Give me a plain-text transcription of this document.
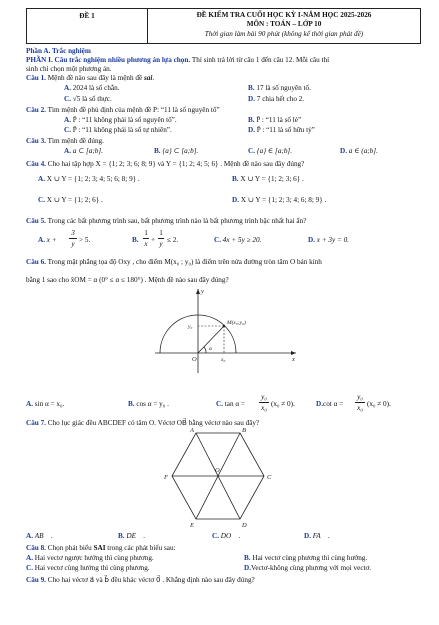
ĐỀ 1	ĐỀ KIỂM TRA CUỐI HỌC KỲ I-NĂM HỌC 2025-2026
MÔN : TOÁN – LỚP 10
Thời gian làm bài 90 phút (không kể thời gian phát đề)
Phần A. Trắc nghiệm
PHẦN I. Câu trắc nghiệm nhiều phương án lựa chọn. Thí sinh trả lời từ câu 1 đến câu 12. Mỗi câu thí
sinh chỉ chọn một phương án.
Câu 1. Mệnh đề nào sau đây là mệnh đề sai.
A. 2024 là số chẵn.	B. 17 là số nguyên tố.
C. √5 là số thực.	D. 7 chia hết cho 2.
Câu 2. Tìm mệnh đề phủ định của mệnh đề P: “11 là số nguyên tố”
A. P̄ : “11 không phải là số nguyên tố”.	B. P̄ : “11 là số lẻ”
C. P̄ : “11 không phải là số tự nhiên”.	D. P̄ : “11 là số hữu tỷ”
Câu 3. Tìm mệnh đề đúng.
A. a ⊂ [a;b].	B. {a} ⊂ [a;b].	C. {a} ∈ [a;b].	D. a ∈ (a;b].
Câu 4. Cho hai tập hợp X = {1; 2; 3; 6; 8; 9} và Y = {1; 2; 4; 5; 6} . Mệnh đề nào sau đây đúng?
A. X ∪ Y = {1; 2; 3; 4; 5; 6; 8; 9} .	B. X ∪ Y = {1; 2; 3; 6} .
C. X ∪ Y = {1; 2; 6} .	D. X ∪ Y = {1; 2; 3; 4; 6; 8; 9} .
Câu 5. Trong các bất phương trình sau, bất phương trình nào là bất phương trình bậc nhất hai ẩn?
A. x +
3
y > 5.	B.
1
x +
1
y ≤ 2.	C. 4x + 5y ≥ 20.	D. x + 3y = 0.
Câu 6. Trong mặt phẳng tọa độ Oxy , cho điểm M(x₀ ; y₀) là điểm trên nửa đường tròn tâm O bán kính
bằng 1 sao cho x̂OM = α (0° ≤ α ≤ 180°) . Mệnh đề nào sau đây đúng?
y
x
O
M(x₀;y₀)
x₀
y₀
α
A. sin α = x₀.	B. cos α = y₀ .	C. tan α =
y₀
x₀ (x₀ ≠ 0).	D.cot α =
y₀
x₀ (x₀ ≠ 0).
Câu 7. Cho lục giác đều ABCDEF có tâm O. Véctơ OB⃗ bằng véctơ nào sau đây?
A	B
C
D
E
F
O
A. AB⃗ .	B. DE⃗ .	C. DO⃗ .	D. FA⃗ .
Câu 8. Chọn phát biểu SAI trong các phát biểu sau:
A. Hai vectơ ngược hướng thì cùng phương.	B. Hai vectơ cùng phương thì cùng hướng.
C. Hai vectơ cùng hướng thì cùng phương.	D.Vectơ-không cùng phương với mọi vectơ.
Câu 9. Cho hai véctơ a⃗ và b⃗ đều khác véctơ 0⃗ . Khẳng định nào sau đây đúng?
